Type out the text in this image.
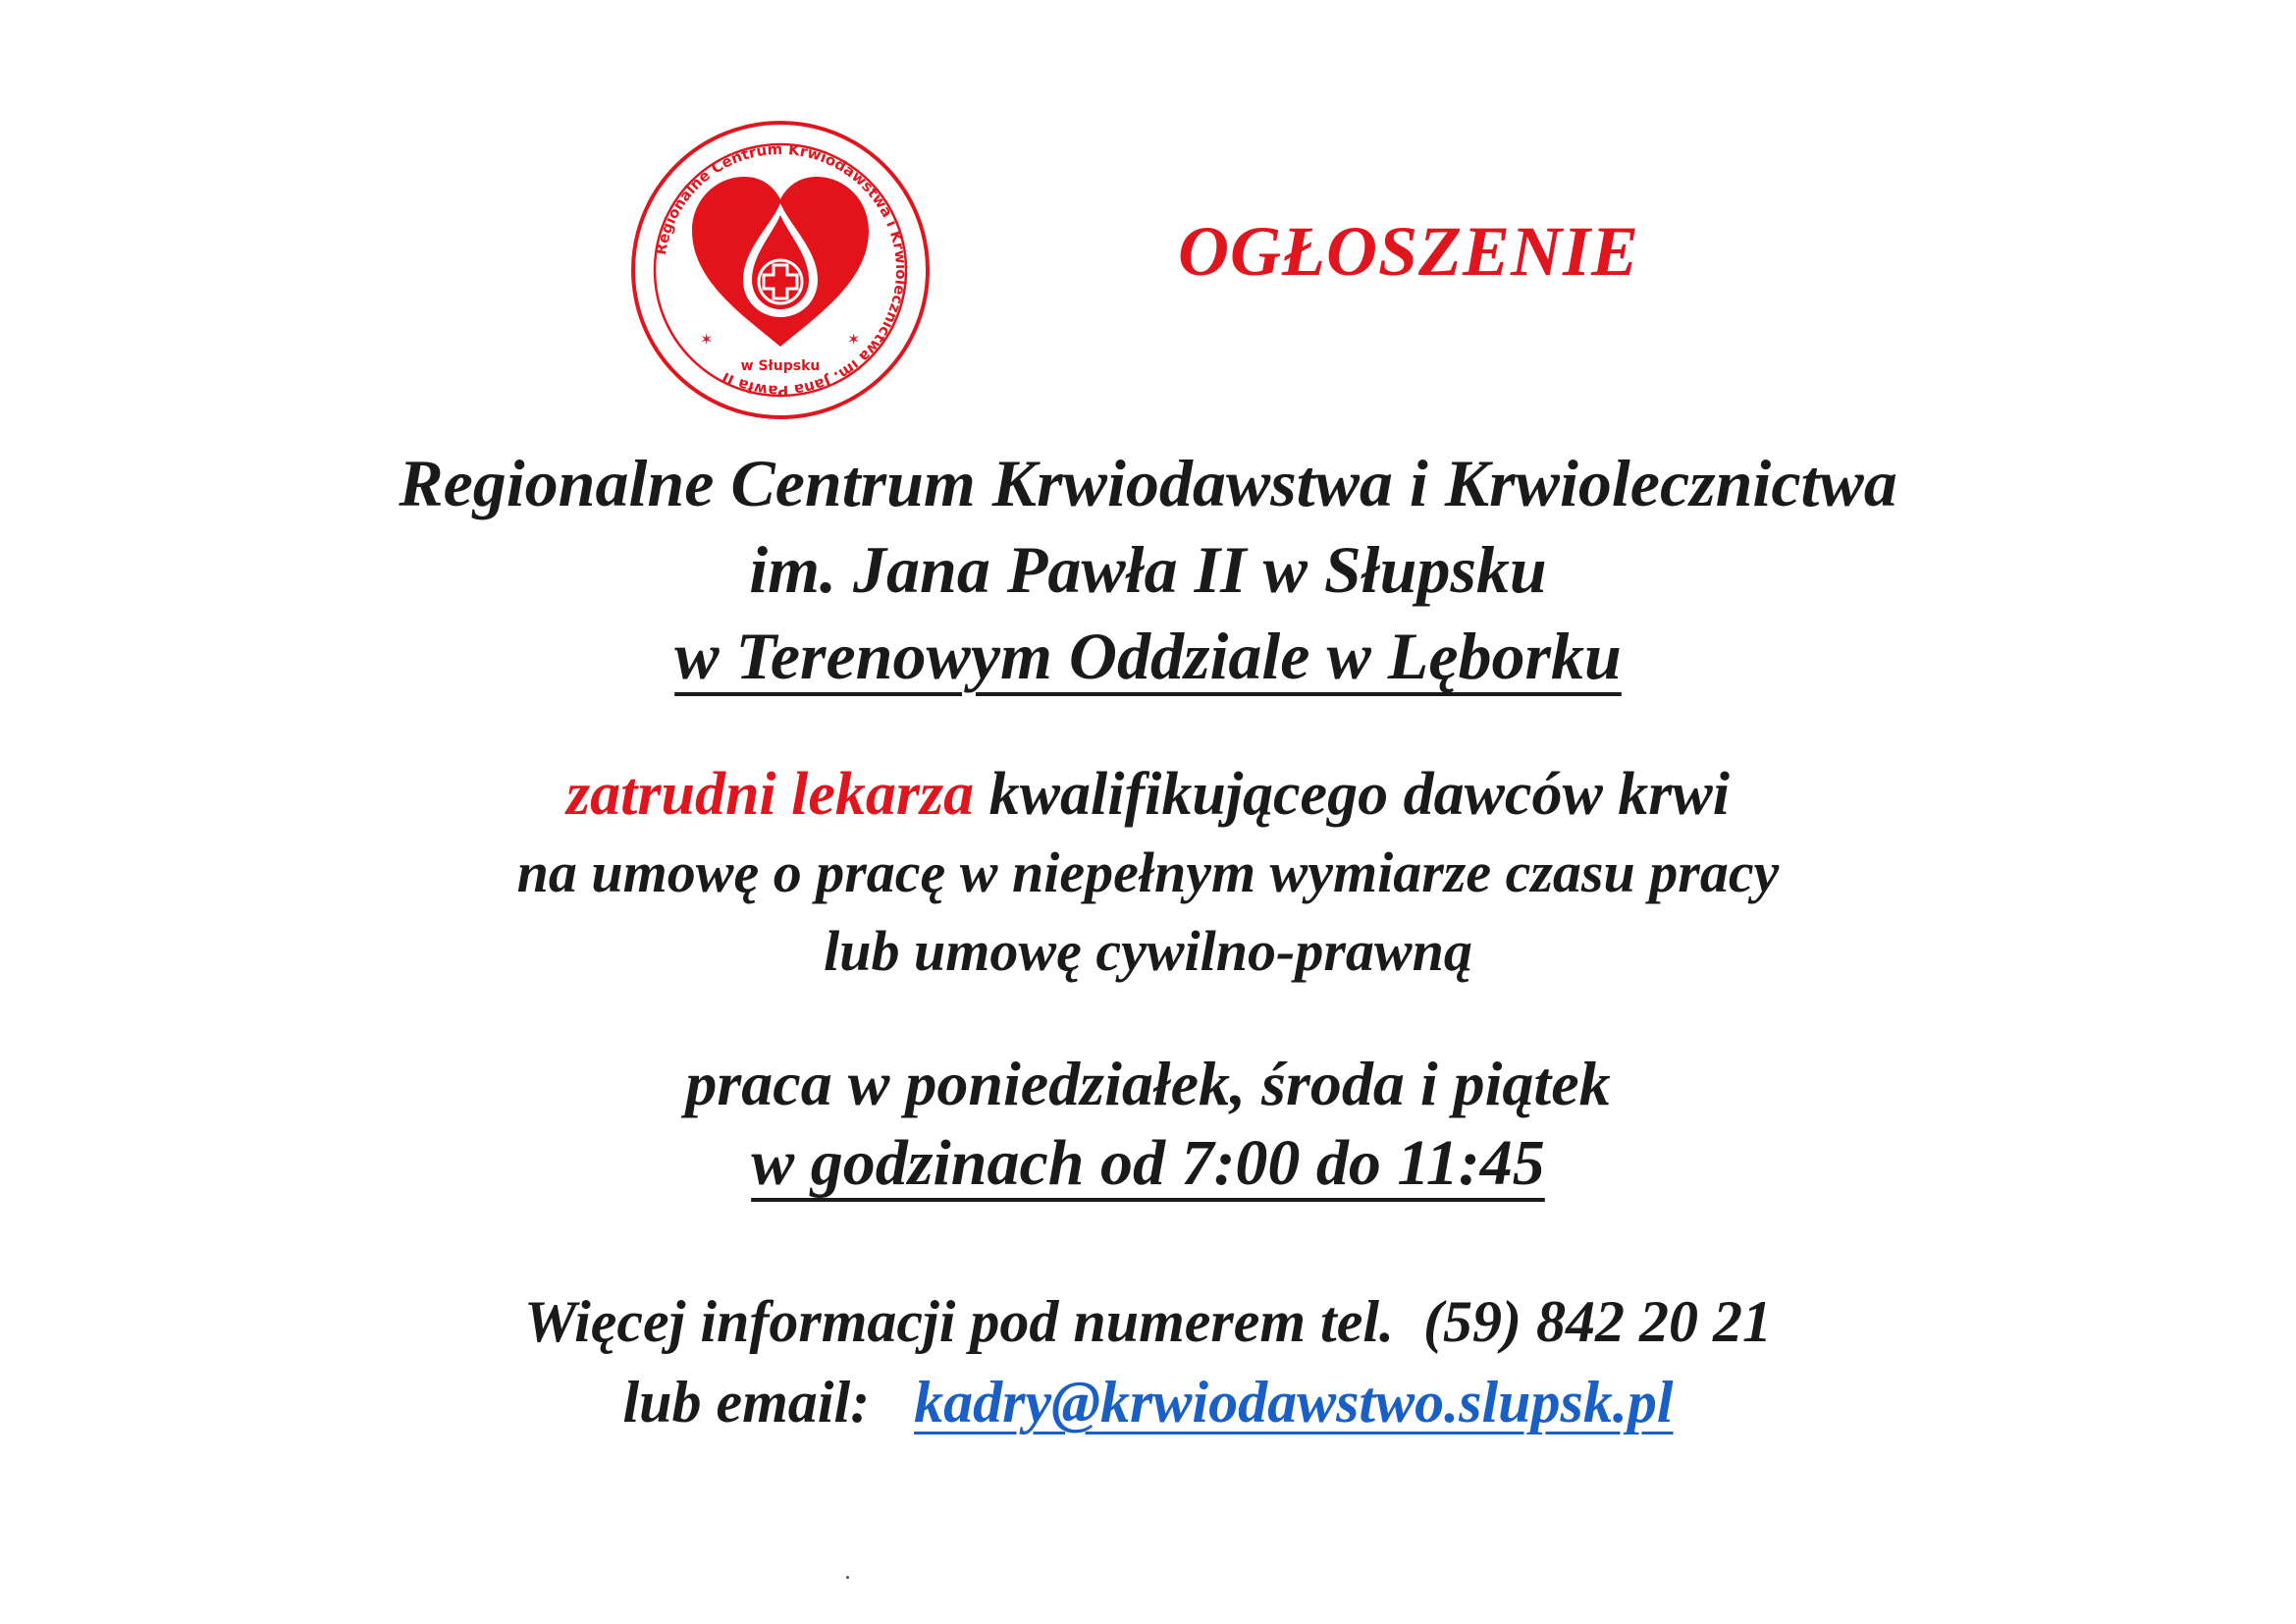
Regionalne Centrum Krwiodawstwa i Krwiolecznictwa im. Jana Pawła II
w Słupsku
✶	✶
OGŁOSZENIE
Regionalne Centrum Krwiodawstwa i Krwiolecznictwa
im. Jana Pawła II w Słupsku
w Terenowym Oddziale w Lęborku
zatrudni lekarza kwalifikującego dawców krwi
na umowę o pracę w niepełnym wymiarze czasu pracy
lub umowę cywilno-prawną
praca w poniedziałek, środa i piątek
w godzinach od 7:00 do 11:45
Więcej informacji pod numerem tel.  (59) 842 20 21
lub email: kadry@krwiodawstwo.slupsk.pl
